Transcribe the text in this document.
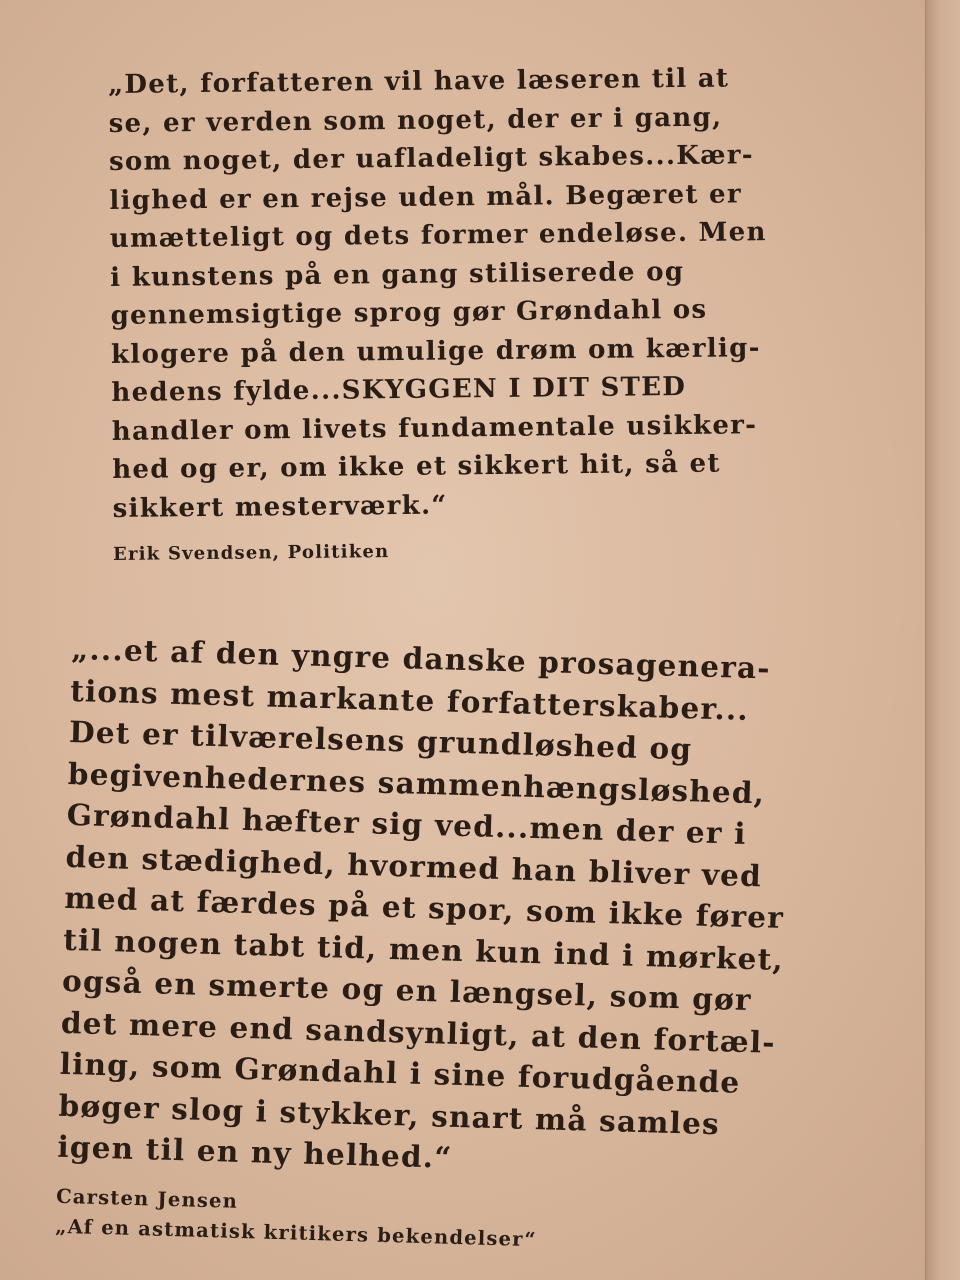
„Det, forfatteren vil have læseren til at
se, er verden som noget, der er i gang,
som noget, der uafladeligt skabes...Kær-
lighed er en rejse uden mål. Begæret er
umætteligt og dets former endeløse. Men
i kunstens på en gang stiliserede og
gennemsigtige sprog gør Grøndahl os
klogere på den umulige drøm om kærlig-
hedens fylde...SKYGGEN I DIT STED
handler om livets fundamentale usikker-
hed og er, om ikke et sikkert hit, så et
sikkert mesterværk.“

Erik Svendsen, Politiken

„...et af den yngre danske prosagenera-
tions mest markante forfatterskaber...
Det er tilværelsens grundløshed og
begivenhedernes sammenhængsløshed,
Grøndahl hæfter sig ved...men der er i
den stædighed, hvormed han bliver ved
med at færdes på et spor, som ikke fører
til nogen tabt tid, men kun ind i mørket,
også en smerte og en længsel, som gør
det mere end sandsynligt, at den fortæl-
ling, som Grøndahl i sine forudgående
bøger slog i stykker, snart må samles
igen til en ny helhed.“

Carsten Jensen
„Af en astmatisk kritikers bekendelser“
